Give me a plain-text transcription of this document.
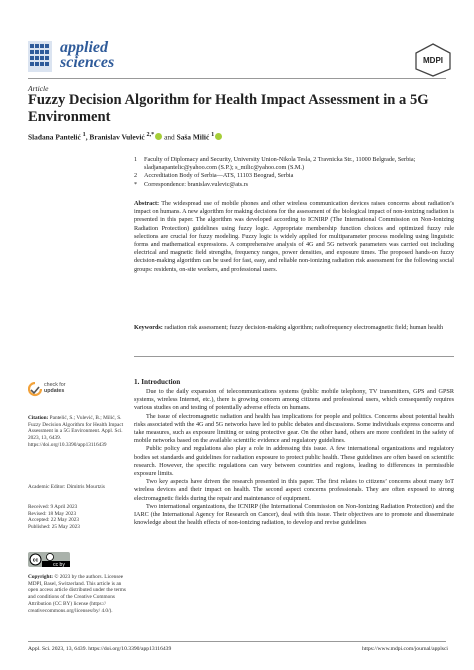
applied
sciences	MDPI
Article
Fuzzy Decision Algorithm for Health Impact Assessment in a 5G Environment
Slađana Pantelić $^1$, Branislav Vulević $^{2,*}$ and Saša Milić $^1$
1	Faculty of Diplomacy and Security, University Union-Nikola Tesla, 2 Travnicka Str., 11000 Belgrade, Serbia; sladjanapantelic@yahoo.com (S.P.); s_milic@yahoo.com (S.M.)
2	Accreditation Body of Serbia—ATS, 11103 Beograd, Serbia
*	Correspondence: branislav.vulevic@ats.rs
Abstract: The widespread use of mobile phones and other wireless communication devices raises concerns about radiation’s impact on humans. A new algorithm for making decisions for the assessment of the biological impact of non-ionizing radiation is presented in this paper. The algorithm was developed according to ICNIRP (The International Commission on Non-Ionizing Radiation Protection) guidelines using fuzzy logic. Appropriate membership function choices and optimized fuzzy rule selections are crucial for fuzzy modeling. Fuzzy logic is widely applied for multiparameter process modeling using linguistic forms and mathematical expressions. A comprehensive analysis of 4G and 5G network parameters was carried out including electrical and magnetic field strengths, frequency ranges, power densities, and exposure times. The proposed hands-on fuzzy decision-making algorithm can be used for fast, easy, and reliable non-ionizing radiation risk assessment for the following social groups: residents, on-site workers, and professional users.
Keywords: radiation risk assessment; fuzzy decision-making algorithm; radiofrequency electromagnetic field; human health
1. Introduction

Due to the daily expansion of telecommunications systems (public mobile telephony, TV transmitters, GPS and GPSR systems, wireless Internet, etc.), there is growing concern among citizens and professional users, which consequently requires various studies on and testing of potentially adverse effects on humans.

The issue of electromagnetic radiation and health has implications for people and politics. Concerns about potential health risks associated with the 4G and 5G networks have led to public debates and discussions. Some individuals express concerns and take measures, such as exposure limiting or using protective gear. On the other hand, others are more confident in the safety of mobile networks based on the available scientific evidence and regulatory guidelines.

Public policy and regulations also play a role in addressing this issue. A few international organizations and regulatory bodies set standards and guidelines for radiation exposure to protect public health. These guidelines are often based on scientific research. However, the specific regulations can vary between countries and regions, leading to differences in permissible exposure limits.

Two key aspects have driven the research presented in this paper. The first relates to citizens’ concerns about many IoT wireless devices and their impact on health. The second aspect concerns professionals. They are often exposed to strong electromagnetic fields during the repair and maintenance of equipment.

Two international organizations, the ICNIRP (the International Commission on Non-Ionizing Radiation Protection) and the IARC (the International Agency for Research on Cancer), deal with this issue. Their objectives are to promote and disseminate knowledge about the health effects of non-ionizing radiation, to develop and revise guidelines

check for
updates
Citation: Pantelić, S.; Vulević, B.; Milić, S. Fuzzy Decision Algorithm for Health Impact Assessment in a 5G Environment. Appl. Sci. 2023, 13, 6439. https://doi.org/10.3390/app13116439
Academic Editor: Dimitris Mourtzis
Received: 9 April 2023
Revised: 18 May 2023
Accepted: 22 May 2023
Published: 25 May 2023
cc
cc by
Copyright: © 2023 by the authors. Licensee MDPI, Basel, Switzerland. This article is an open access article distributed under the terms and conditions of the Creative Commons Attribution (CC BY) license (https:// creativecommons.org/licenses/by/ 4.0/).
Appl. Sci. 2023, 13, 6439. https://doi.org/10.3390/app13116439	https://www.mdpi.com/journal/applsci
